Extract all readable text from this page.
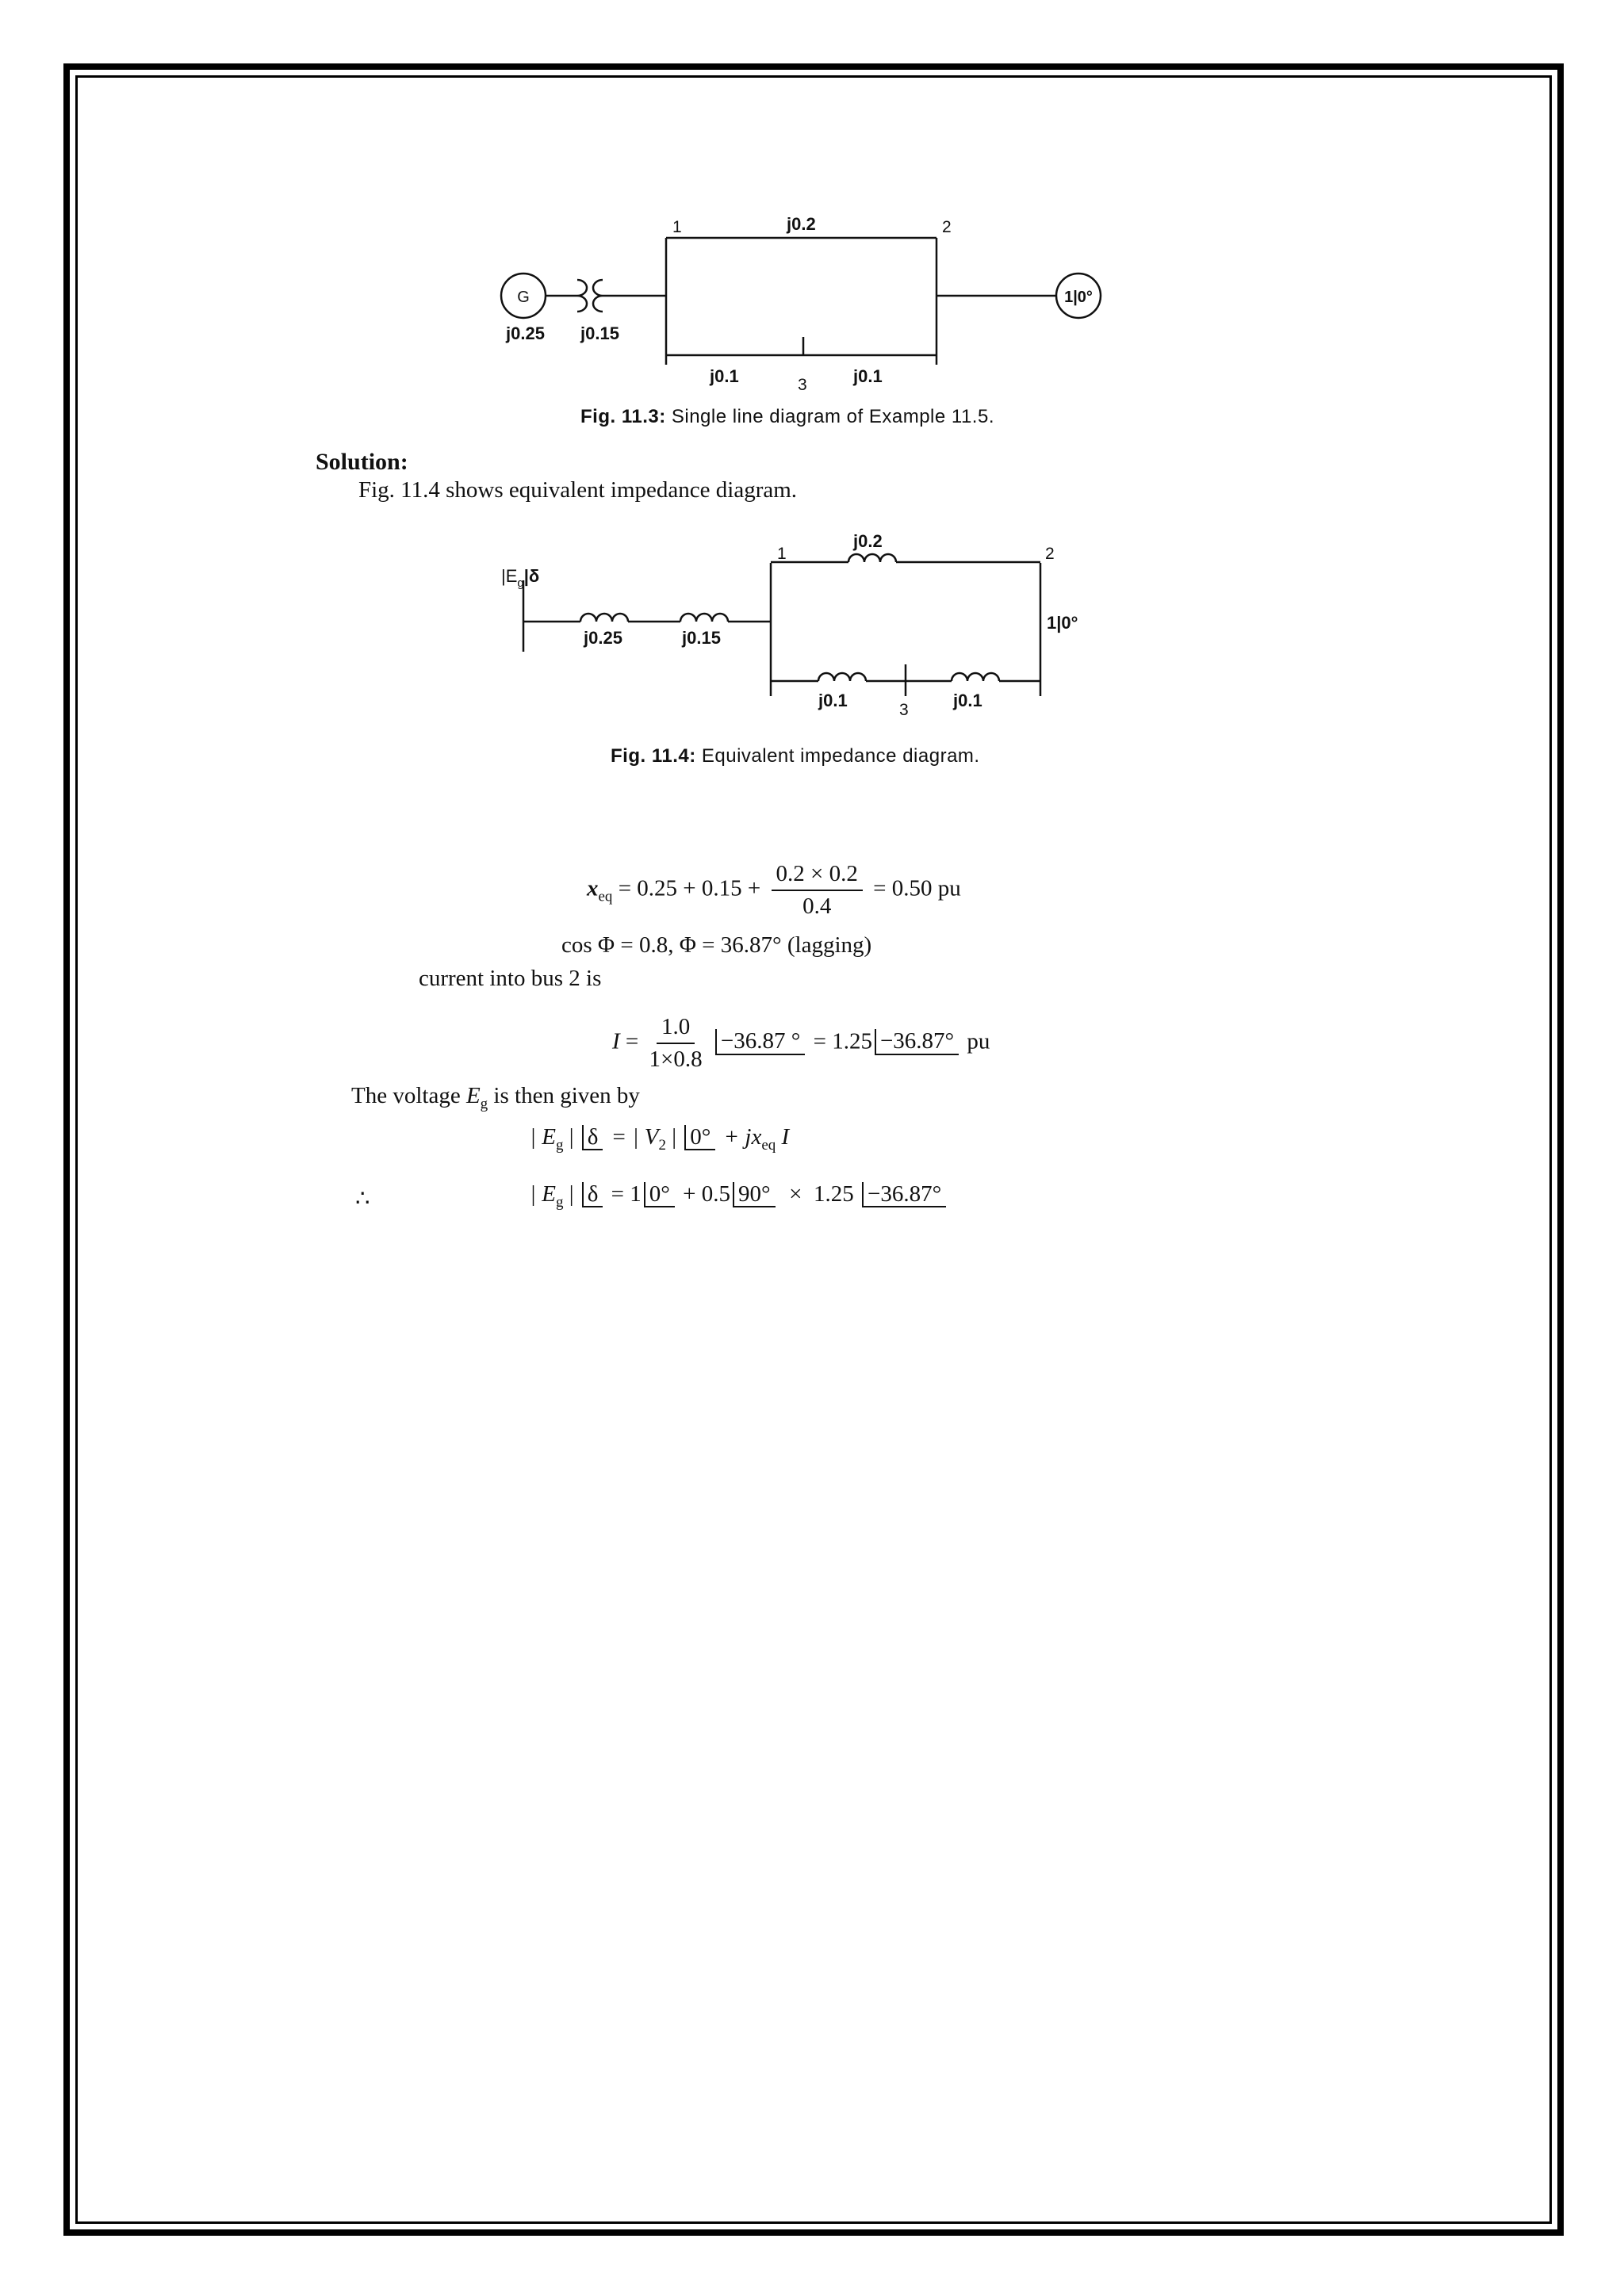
G
j0.25 j0.15
1	2
j0.2
j0.1	j0.1
3
1|0°
Fig. 11.3: Single line diagram of Example 11.5.
Solution:
Fig. 11.4 shows equivalent impedance diagram.
$|E_g|\delta$
j0.25	j0.15
1	2
j0.2
1|0°
j0.1	j0.1
3
Fig. 11.4: Equivalent impedance diagram.
$x_{eq} = 0.25 + 0.15 + \frac{0.2 \times 0.2}{0.4} = 0.50$ pu
cos Φ = 0.8, Φ = 36.87° (lagging)
current into bus 2 is
$I = \frac{1.0}{1\times 0.8} -36.87$ ° = 1.25 −36.87° pu
The voltage $E_g$ is then given by
| $E_g$ | δ = | $V_2$ | $0^\circ + jx_{eq}$ I
∴	| $E_g$ | δ = 1 0° + 0.5 90°  ×  1.25 −36.87°
